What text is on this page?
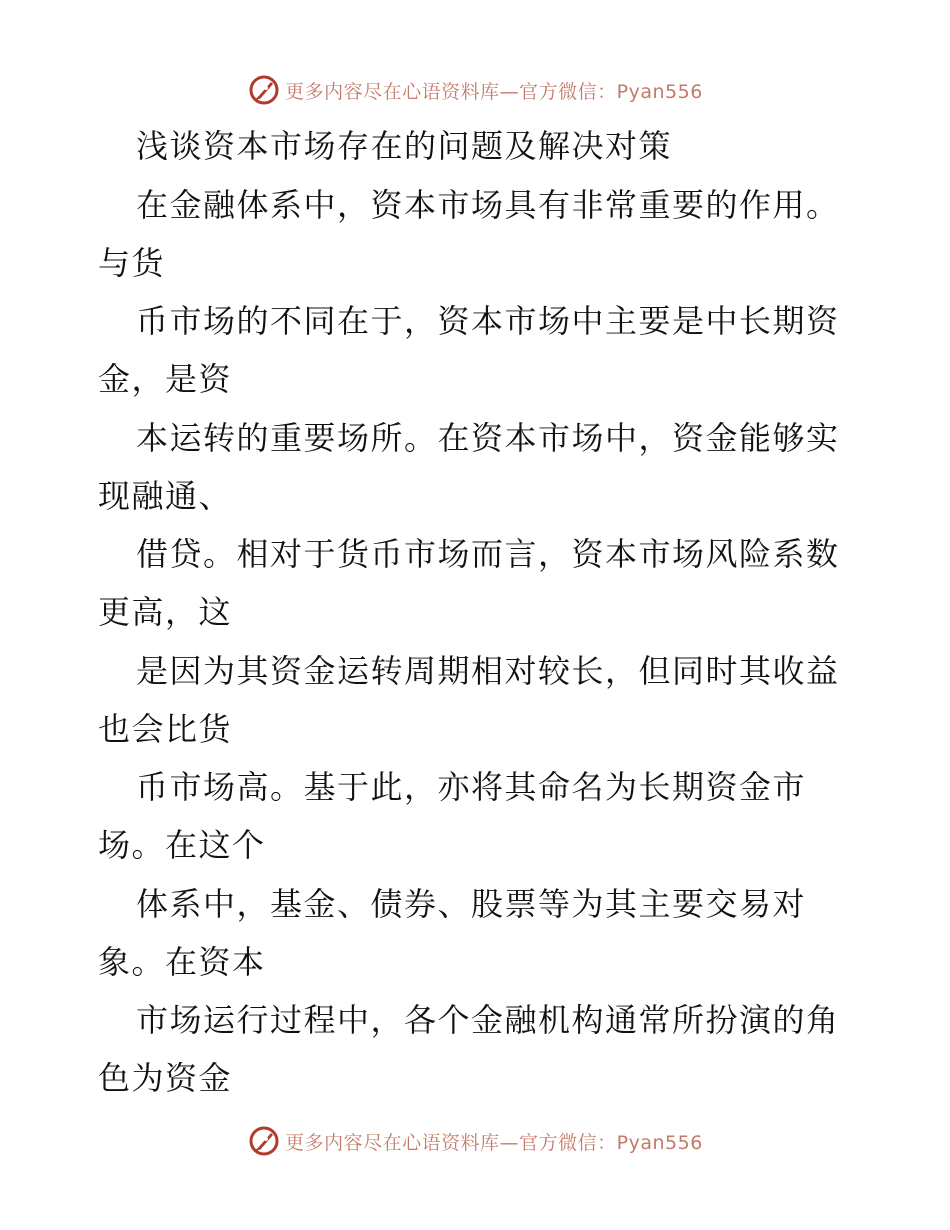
更多内容尽在心语资料库—官方微信：Pyan556
浅谈资本市场存在的问题及解决对策
在金融体系中，资本市场具有非常重要的作用。
与货
币市场的不同在于，资本市场中主要是中长期资
金，是资
本运转的重要场所。在资本市场中，资金能够实
现融通、
借贷。相对于货币市场而言，资本市场风险系数
更高，这
是因为其资金运转周期相对较长，但同时其收益
也会比货
币市场高。基于此，亦将其命名为长期资金市
场。在这个
体系中，基金、债券、股票等为其主要交易对
象。在资本
市场运行过程中，各个金融机构通常所扮演的角
色为资金
更多内容尽在心语资料库—官方微信：Pyan556
